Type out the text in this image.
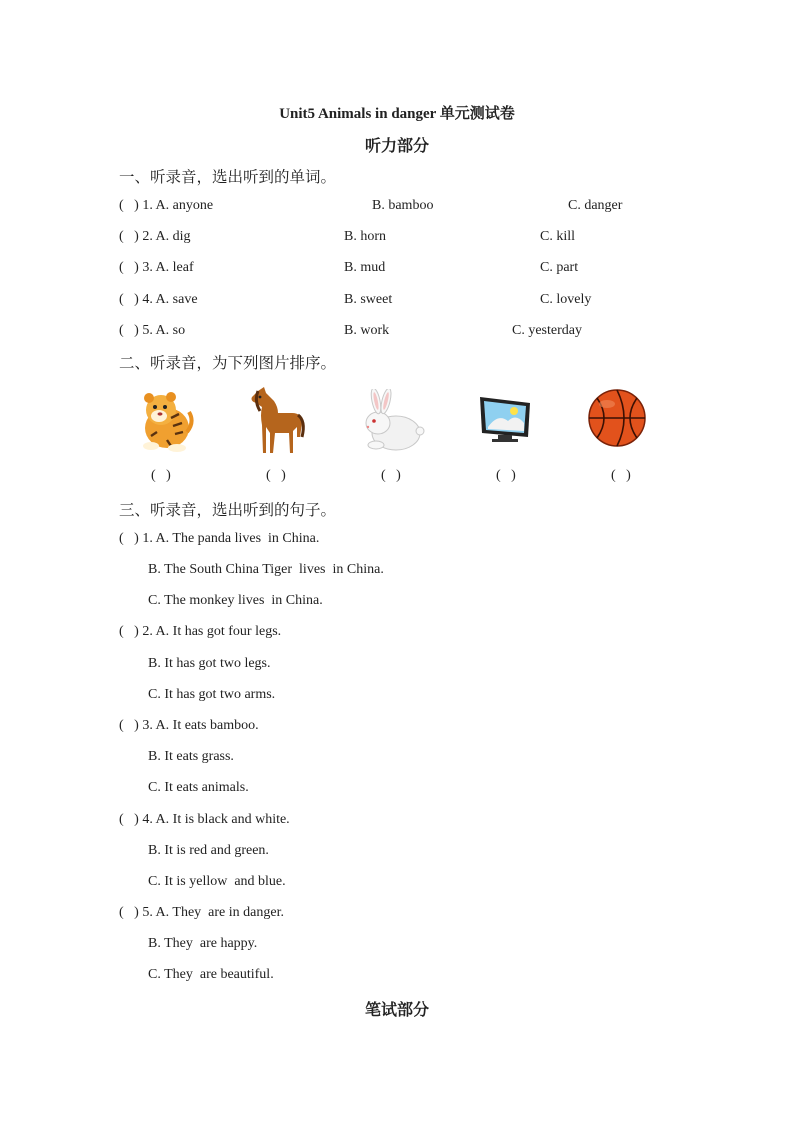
Unit5 Animals in danger 单元测试卷
听力部分
一、听录音，选出听到的单词。
(   ) 1. A. anyone	B. bamboo	C. danger
(   ) 2. A. dig	B. horn	C. kill
(   ) 3. A. leaf	B. mud	C. part
(   ) 4. A. save	B. sweet	C. lovely
(   ) 5. A. so	B. work	C. yesterday
二、听录音，为下列图片排序。
(   )	(   )	(   )	(   )	(   )
三、听录音，选出听到的句子。
(   ) 1. A. The panda lives  in China.
B. The South China Tiger  lives  in China.
C. The monkey lives  in China.
(   ) 2. A. It has got four legs.
B. It has got two legs.
C. It has got two arms.
(   ) 3. A. It eats bamboo.
B. It eats grass.
C. It eats animals.
(   ) 4. A. It is black and white.
B. It is red and green.
C. It is yellow  and blue.
(   ) 5. A. They  are in danger.
B. They  are happy.
C. They  are beautiful.
笔试部分
